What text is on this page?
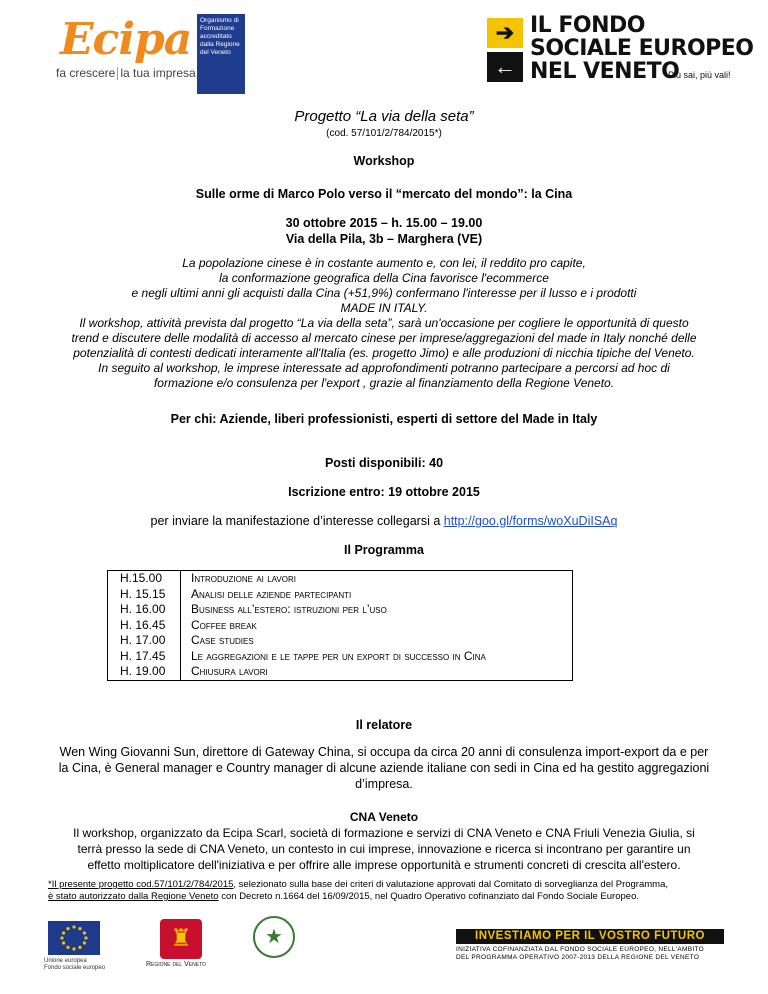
Ecipa
fa crescere la tua impresa
Organismo di Formazione accreditato dalla Regione del Veneto
➔
←
IL FONDO
SOCIALE EUROPEO
NEL VENETO
Più sai, più vali!
Progetto “La via della seta”
(cod. 57/101/2/784/2015*)
Workshop
Sulle orme di Marco Polo verso il “mercato del mondo”: la Cina
30 ottobre 2015 – h. 15.00 – 19.00
Via della Pila, 3b – Marghera (VE)
La popolazione cinese è in costante aumento e, con lei, il reddito pro capite,
la conformazione geografica della Cina favorisce l'ecommerce
e negli ultimi anni gli acquisti dalla Cina (+51,9%) confermano l'interesse per il lusso e i prodotti
MADE IN ITALY.
Il workshop, attività prevista dal progetto “La via della seta”, sarà un'occasione per cogliere le opportunità di questo
trend e discutere delle modalità di accesso al mercato cinese per imprese/aggregazioni del made in Italy nonché delle
potenzialità di contesti dedicati interamente all'Italia (es. progetto Jimo) e alle produzioni di nicchia tipiche del Veneto.
In seguito al workshop, le imprese interessate ad approfondimenti potranno partecipare a percorsi ad hoc di
formazione e/o consulenza per l'export , grazie al finanziamento della Regione Veneto.
Per chi: Aziende, liberi professionisti, esperti di settore del Made in Italy
Posti disponibili: 40
Iscrizione entro: 19 ottobre 2015
per inviare la manifestazione d’interesse collegarsi a http://goo.gl/forms/woXuDiISAq
Il Programma
H.15.00	Introduzione ai lavori
H. 15.15	Analisi delle aziende partecipanti
H. 16.00	Business all’estero: istruzioni per l’uso
H. 16.45	Coffee break
H. 17.00	Case studies
H. 17.45	Le aggregazioni e le tappe per un export di successo in Cina
H. 19.00	Chiusura lavori
Il relatore
Wen Wing Giovanni Sun, direttore di Gateway China, si occupa da circa 20 anni di consulenza import-export da e per
la Cina, è General manager e Country manager di alcune aziende italiane con sedi in Cina ed ha gestito aggregazioni
d’impresa.
CNA Veneto
Il workshop, organizzato da Ecipa Scarl, società di formazione e servizi di CNA Veneto e CNA Friuli Venezia Giulia, si
terrà presso la sede di CNA Veneto, un contesto in cui imprese, innovazione e ricerca si incontrano per garantire un
effetto moltiplicatore dell'iniziativa e per offrire alle imprese opportunità e strumenti concreti di crescita all'estero.
*Il presente progetto cod.57/101/2/784/2015, selezionato sulla base dei criteri di valutazione approvati dal Comitato di sorveglianza del Programma,
è stato autorizzato dalla Regione Veneto con Decreto n.1664 del 16/09/2015, nel Quadro Operativo cofinanziato dal Fondo Sociale Europeo.
Unione europea
Fondo sociale europeo
♜
Regione del Veneto
★	INVESTIAMO PER IL VOSTRO FUTURO
INIZIATIVA COFINANZIATA DAL FONDO SOCIALE EUROPEO, NELL'AMBITO
DEL PROGRAMMA OPERATIVO 2007-2013 DELLA REGIONE DEL VENETO
